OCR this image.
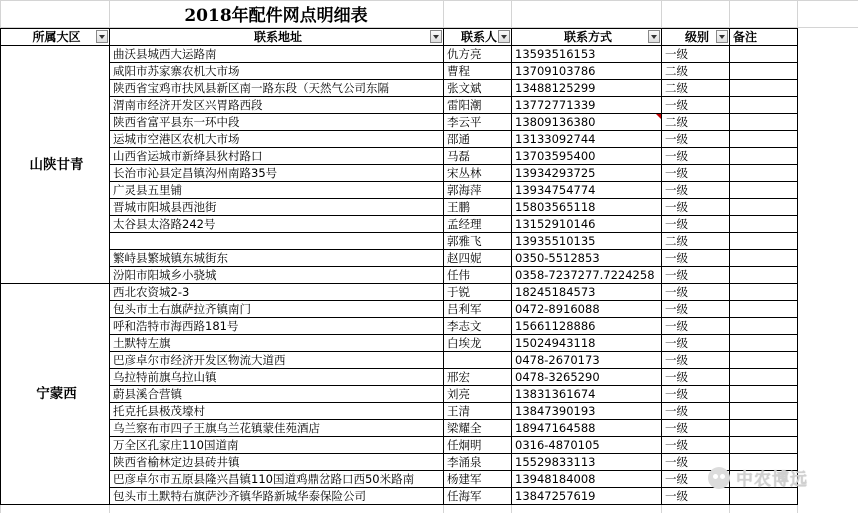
2018年配件网点明细表
所属大区	联系地址	联系人	联系方式	级别	备注
山陕甘青	曲沃县城西大运路南	仇方亮	13593516153	一级	
	咸阳市苏家寨农机大市场	曹程	13709103786	二级	
	陕西省宝鸡市扶风县新区南一路东段（天然气公司东隔	张文斌	13488125299	二级	
	渭南市经济开发区兴胃路西段	雷阳潮	13772771339	一级	
	陕西省富平县东一环中段	李云平	13809136380	二级	
	运城市空港区农机大市场	邵通	13133092744	一级	
	山西省运城市新绛县狄村路口	马磊	13703595400	一级	
	长治市沁县定昌镇沟州南路35号	宋丛林	13934293725	一级	
	广灵县五里铺	郭海萍	13934754774	一级	
	晋城市阳城县西池街	王鹏	15803565118	一级	
	太谷县太洛路242号	孟经理	13152910146	一级	
		郭雅飞	13935510135	二级	
	繁峙县繁城镇东城街东	赵四妮	0350-5512853	一级	
	汾阳市阳城乡小骁城	任伟	0358-7237277.7224258	一级	
宁蒙西	西北农资城2-3	于锐	18245184573	一级	
	包头市土右旗萨拉齐镇南门	吕利军	0472-8916088	一级	
	呼和浩特市海西路181号	李志文	15661128886	一级	
	土默特左旗	白埃龙	15024943118	一级	
	巴彦卓尔市经济开发区物流大道西		0478-2670173	一级	
	乌拉特前旗乌拉山镇	邢宏	0478-3265290	一级	
	蔚县溪合营镇	刘亮	13831361674	一级	
	托克托县极茂壕村	王清	13847390193	一级	
	乌兰察布市四子王旗乌兰花镇蒙佳苑酒店	梁耀全	18947164588	一级	
	万全区孔家庄110国道南	任炯明	0316-4870105	一级	
	陕西省榆林定边县砖井镇	李涌泉	15529833113	一级	
	巴彦卓尔市五原县隆兴昌镇110国道鸡鼎岔路口西50米路南	杨建军	13948184008	一级	
	包头市土默特右旗萨沙齐镇华路新城华泰保险公司	任海军	13847257619	一级	
中农博远
